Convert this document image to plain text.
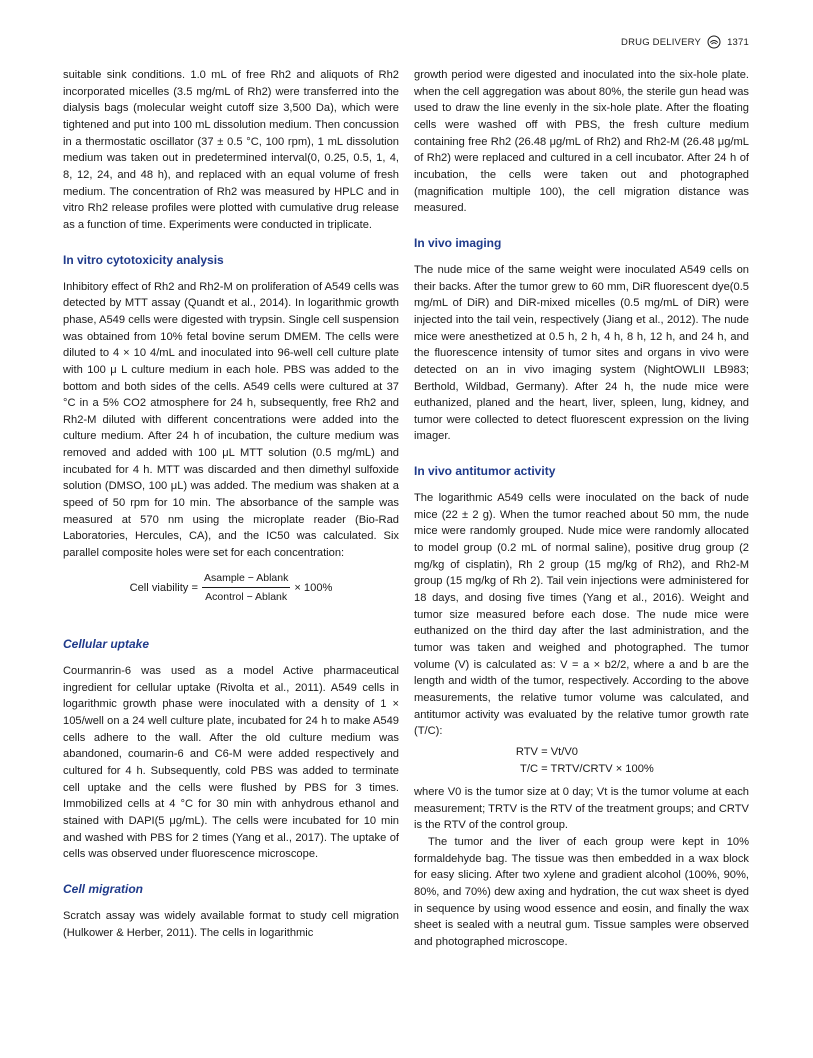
DRUG DELIVERY	1371

suitable sink conditions. 1.0 mL of free Rh2 and aliquots of Rh2 incorporated micelles (3.5 mg/mL of Rh2) were transferred into the dialysis bags (molecular weight cutoff size 3,500 Da), which were tightened and put into 100 mL dissolution medium. Then concussion in a thermostatic oscillator (37 ± 0.5 °C, 100 rpm), 1 mL dissolution medium was taken out in predetermined interval(0, 0.25, 0.5, 1, 4, 8, 12, 24, and 48 h), and replaced with an equal volume of fresh medium. The concentration of Rh2 was measured by HPLC and in vitro Rh2 release profiles were plotted with cumulative drug release as a function of time. Experiments were conducted in triplicate.

In vitro cytotoxicity analysis

Inhibitory effect of Rh2 and Rh2-M on proliferation of A549 cells was detected by MTT assay (Quandt et al., 2014). In logarithmic growth phase, A549 cells were digested with trypsin. Single cell suspension was obtained from 10% fetal bovine serum DMEM. The cells were diluted to 4 × 10 4/mL and inoculated into 96-well cell culture plate with 100 μ L culture medium in each hole. PBS was added to the bottom and both sides of the cells. A549 cells were cultured at 37 °C in a 5% CO2 atmosphere for 24 h, subsequently, free Rh2 and Rh2-M diluted with different concentrations were added into the culture medium. After 24 h of incubation, the culture medium was removed and added with 100 μL MTT solution (0.5 mg/mL) and incubated for 4 h. MTT was discarded and then dimethyl sulfoxide solution (DMSO, 100 μL) was added. The medium was shaken at a speed of 50 rpm for 10 min. The absorbance of the sample was measured at 570 nm using the microplate reader (Bio-Rad Laboratories, Hercules, CA), and the IC50 was calculated. Six parallel composite holes were set for each concentration:

Cell viability = $\frac{\text{Asample − Ablank}}{\text{Acontrol − Ablank}} \times 100\%$
Cellular uptake

Courmanrin-6 was used as a model Active pharmaceutical ingredient for cellular uptake (Rivolta et al., 2011). A549 cells in logarithmic growth phase were inoculated with a density of 1 × 105/well on a 24 well culture plate, incubated for 24 h to make A549 cells adhere to the wall. After the old culture medium was abandoned, coumarin-6 and C6-M were added respectively and cultured for 4 h. Subsequently, cold PBS was added to terminate cell uptake and the cells were flushed by PBS for 3 times. Immobilized cells at 4 °C for 30 min with anhydrous ethanol and stained with DAPI(5 μg/mL). The cells were incubated for 10 min and washed with PBS for 2 times (Yang et al., 2017). The uptake of cells was observed under fluorescence microscope.

Cell migration

Scratch assay was widely available format to study cell migration (Hulkower & Herber, 2011). The cells in logarithmic

growth period were digested and inoculated into the six-hole plate. when the cell aggregation was about 80%, the sterile gun head was used to draw the line evenly in the six-hole plate. After the floating cells were washed off with PBS, the fresh culture medium containing free Rh2 (26.48 μg/mL of Rh2) and Rh2-M (26.48 μg/mL of Rh2) were replaced and cultured in a cell incubator. After 24 h of incubation, the cells were taken out and photographed (magnification multiple 100), the cell migration distance was measured.

In vivo imaging

The nude mice of the same weight were inoculated A549 cells on their backs. After the tumor grew to 60 mm, DiR fluorescent dye(0.5 mg/mL of DiR) and DiR-mixed micelles (0.5 mg/mL of DiR) were injected into the tail vein, respectively (Jiang et al., 2012). The nude mice were anesthetized at 0.5 h, 2 h, 4 h, 8 h, 12 h, and 24 h, and the fluorescence intensity of tumor sites and organs in vivo were detected on an in vivo imaging system (NightOWLII LB983; Berthold, Wildbad, Germany). After 24 h, the nude mice were euthanized, planed and the heart, liver, spleen, lung, kidney, and tumor were collected to detect fluorescent expression on the living imager.

In vivo antitumor activity

The logarithmic A549 cells were inoculated on the back of nude mice (22 ± 2 g). When the tumor reached about 50 mm, the nude mice were randomly grouped. Nude mice were randomly allocated to model group (0.2 mL of normal saline), positive drug group (2 mg/kg of cisplatin), Rh 2 group (15 mg/kg of Rh2), and Rh2-M group (15 mg/kg of Rh 2). Tail vein injections were administered for 18 days, and dosing five times (Yang et al., 2016). Weight and tumor size measured before each dose. The nude mice were euthanized on the third day after the last administration, and the tumor was taken and weighed and photographed. The tumor volume (V) is calculated as: V = a × b2/2, where a and b are the length and width of the tumor, respectively. According to the above measurements, the relative tumor volume was calculated, and antitumor activity was evaluated by the relative tumor growth rate (T/C):

RTV = Vt/V0
T/C = TRTV/CRTV × 100%

where V0 is the tumor size at 0 day; Vt is the tumor volume at each measurement; TRTV is the RTV of the treatment groups; and CRTV is the RTV of the control group.

The tumor and the liver of each group were kept in 10% formaldehyde bag. The tissue was then embedded in a wax block for easy slicing. After two xylene and gradient alcohol (100%, 90%, 80%, and 70%) dew axing and hydration, the cut wax sheet is dyed in sequence by using wood essence and eosin, and finally the wax sheet is sealed with a neutral gum. Tissue samples were observed and photographed microscope.
